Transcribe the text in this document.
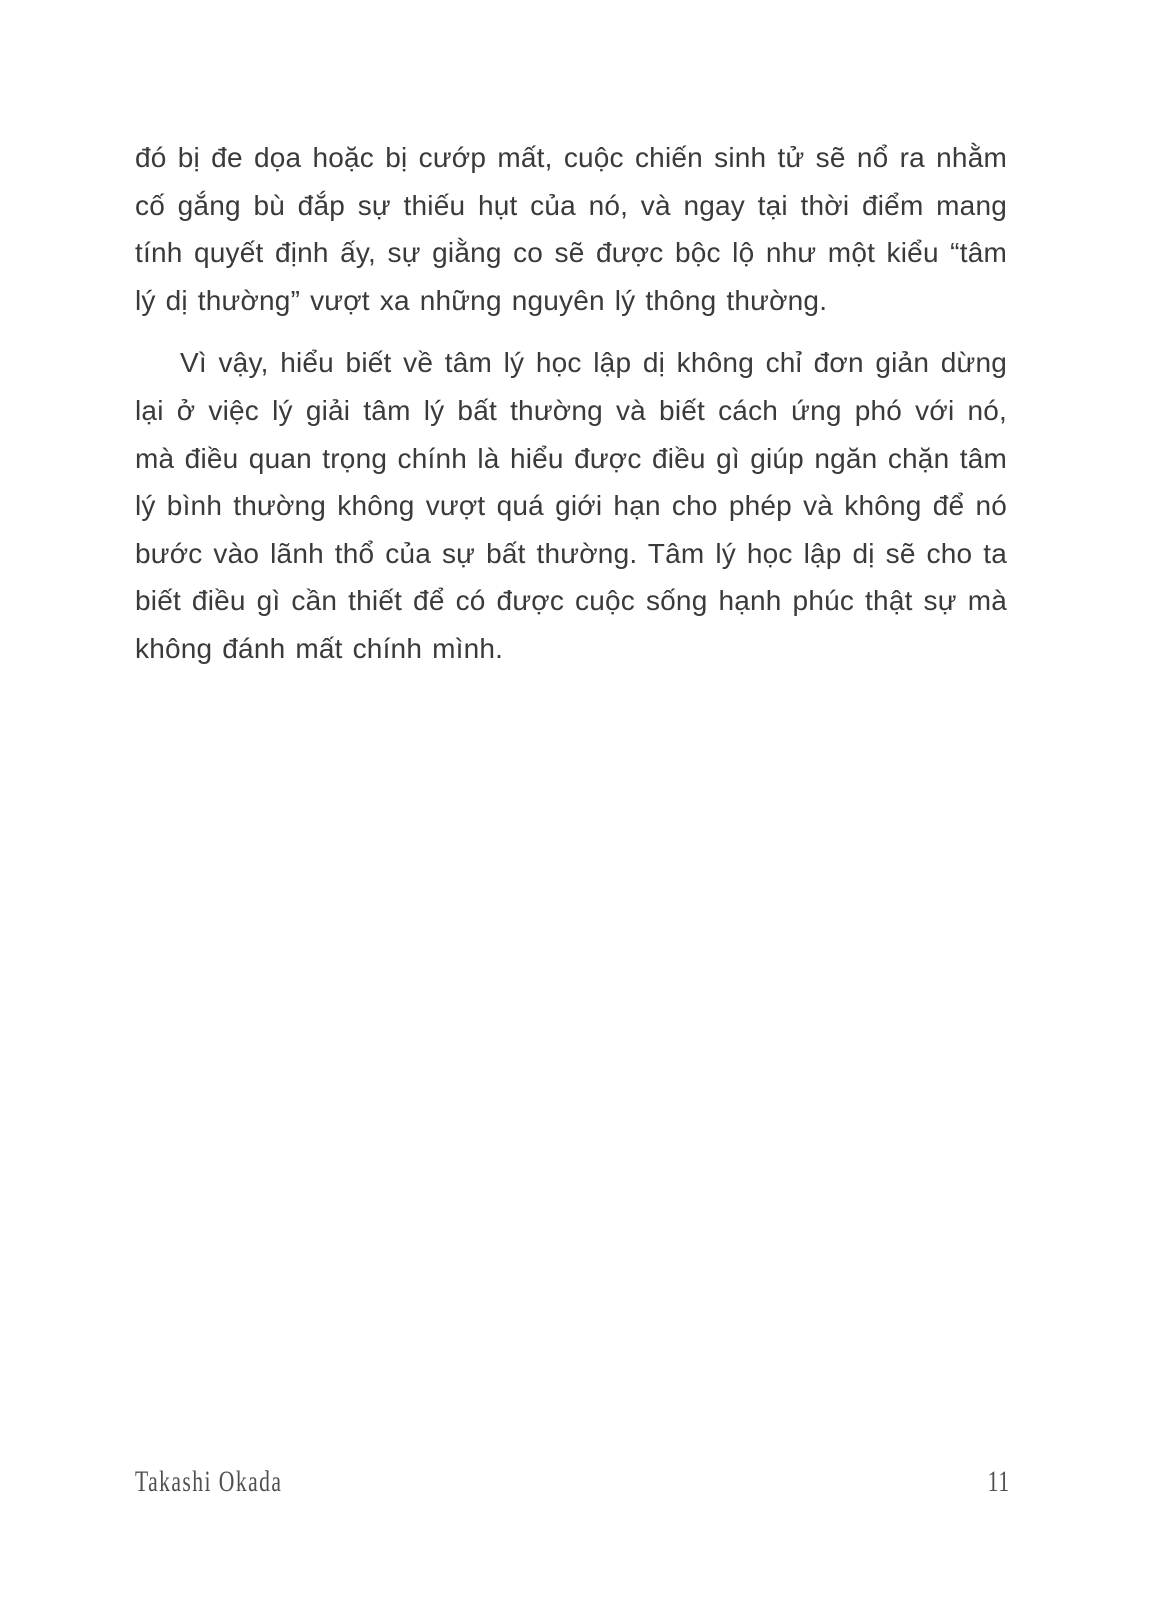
đó bị đe dọa hoặc bị cướp mất, cuộc chiến sinh tử sẽ nổ ra nhằm cố gắng bù đắp sự thiếu hụt của nó, và ngay tại thời điểm mang tính quyết định ấy, sự giằng co sẽ được bộc lộ như một kiểu “tâm lý dị thường” vượt xa những nguyên lý thông thường.

Vì vậy, hiểu biết về tâm lý học lập dị không chỉ đơn giản dừng lại ở việc lý giải tâm lý bất thường và biết cách ứng phó với nó, mà điều quan trọng chính là hiểu được điều gì giúp ngăn chặn tâm lý bình thường không vượt quá giới hạn cho phép và không để nó bước vào lãnh thổ của sự bất thường. Tâm lý học lập dị sẽ cho ta biết điều gì cần thiết để có được cuộc sống hạnh phúc thật sự mà không đánh mất chính mình.

Takashi Okada	11
